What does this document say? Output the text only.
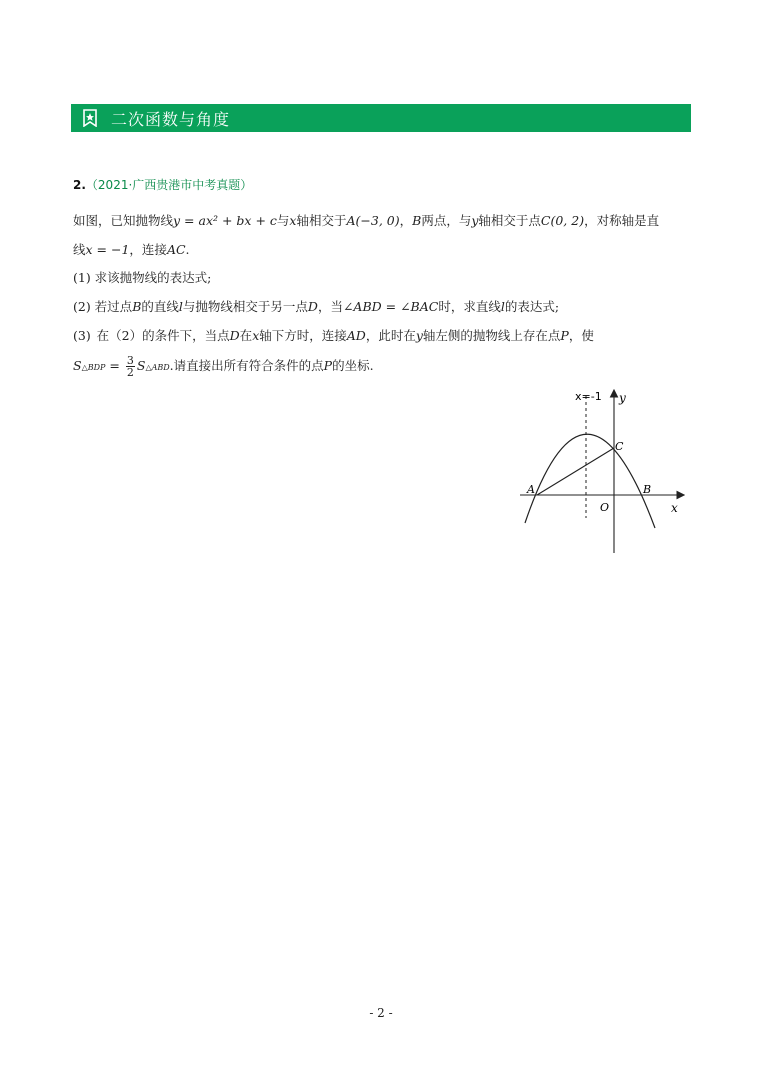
二次函数与角度
2.（2021·广西贵港市中考真题）
如图，已知抛物线y = ax² + bx + c与x轴相交于A(−3, 0)，B两点，与y轴相交于点C(0, 2)，对称轴是直
线x = −1，连接AC.
(1) 求该抛物线的表达式;
(2) 若过点B的直线l与抛物线相交于另一点D，当∠ABD = ∠BAC时，求直线l的表达式;
(3) 在（2）的条件下，当点D在x轴下方时，连接AD，此时在y轴左侧的抛物线上存在点P，使
S△BDP = $\frac{3}{2}$ S△ABD.请直接出所有符合条件的点P的坐标.
x=-1 y
x
A	B
C
O
- 2 -
